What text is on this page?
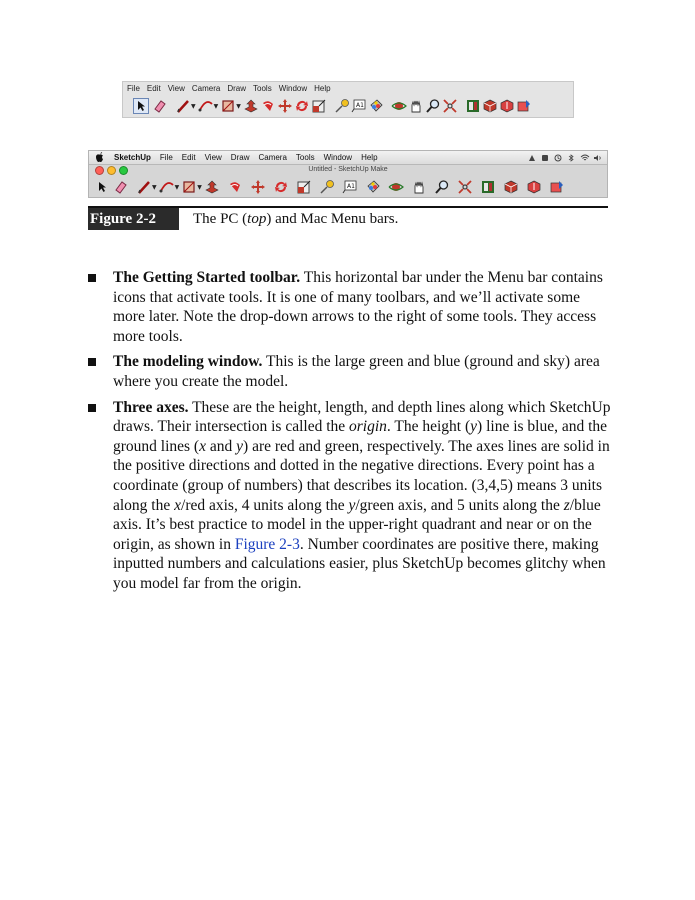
File Edit View Camera Draw Tools Window Help
▼	▼	▼	A1
SketchUp File Edit View Draw Camera Tools Window Help
Untitled - SketchUp Make
▼	▼	▼	A1
Figure 2-2	The PC (top) and Mac Menu bars.
The Getting Started toolbar. This horizontal bar under the Menu bar contains icons that activate tools. It is one of many toolbars, and we’ll activate some more later. Note the drop-down arrows to the right of some tools. They access more tools.
The modeling window. This is the large green and blue (ground and sky) area where you create the model.
Three axes. These are the height, length, and depth lines along which SketchUp draws. Their intersection is called the origin. The height (y) line is blue, and the ground lines (x and y) are red and green, respectively. The axes lines are solid in the positive directions and dotted in the negative directions. Every point has a coordinate (group of numbers) that describes its location. (3,4,5) means 3 units along the x/red axis, 4 units along the y/green axis, and 5 units along the z/blue axis. It’s best practice to model in the upper-right quadrant and near or on the origin, as shown in Figure 2-3. Number coordinates are positive there, making inputted numbers and calculations easier, plus SketchUp becomes glitchy when you model far from the origin.
